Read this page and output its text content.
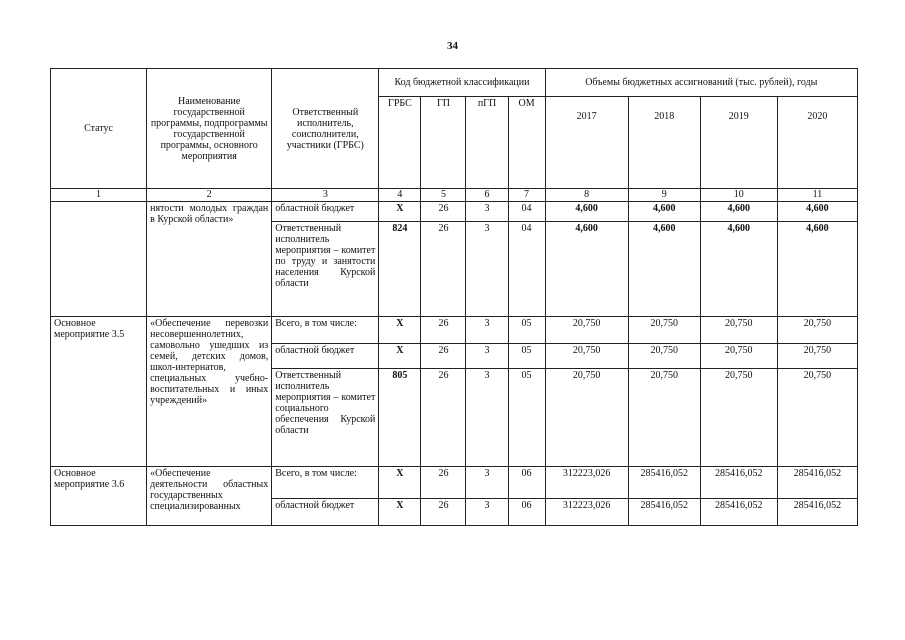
34
Статус	Наименование государственной программы, подпрограммы государственной программы, основного мероприятия	Ответственный исполнитель, соисполнители, участники (ГРБС)	Код бюджетной классификации				Объемы бюджетных ассигнований (тыс. рублей), годы			
			ГРБС	ГП	пГП	ОМ	2017	2018	2019	2020
1	2	3	4	5	6	7	8	9	10	11
	нятости молодых граждан в Курской области»	областной бюджет	Х	26	3	04	4,600	4,600	4,600	4,600
		Ответственный исполнитель мероприятия – комитет по труду и занятости населения Курской области	824	26	3	04	4,600	4,600	4,600	4,600
Основное мероприятие 3.5	«Обеспечение перевозки несовершеннолетних, самовольно ушедших из семей, детских домов, школ-интернатов, специальных учебно-воспитательных и иных учреждений»	Всего, в том числе:	Х	26	3	05	20,750	20,750	20,750	20,750
		областной бюджет	Х	26	3	05	20,750	20,750	20,750	20,750
		Ответственный исполнитель мероприятия – комитет социального обеспечения Курской области	805	26	3	05	20,750	20,750	20,750	20,750
Основное мероприятие 3.6	«Обеспечение деятельности областных государственных специализированных	Всего, в том числе:	Х	26	3	06	312223,026	285416,052	285416,052	285416,052
		областной бюджет	Х	26	3	06	312223,026	285416,052	285416,052	285416,052
